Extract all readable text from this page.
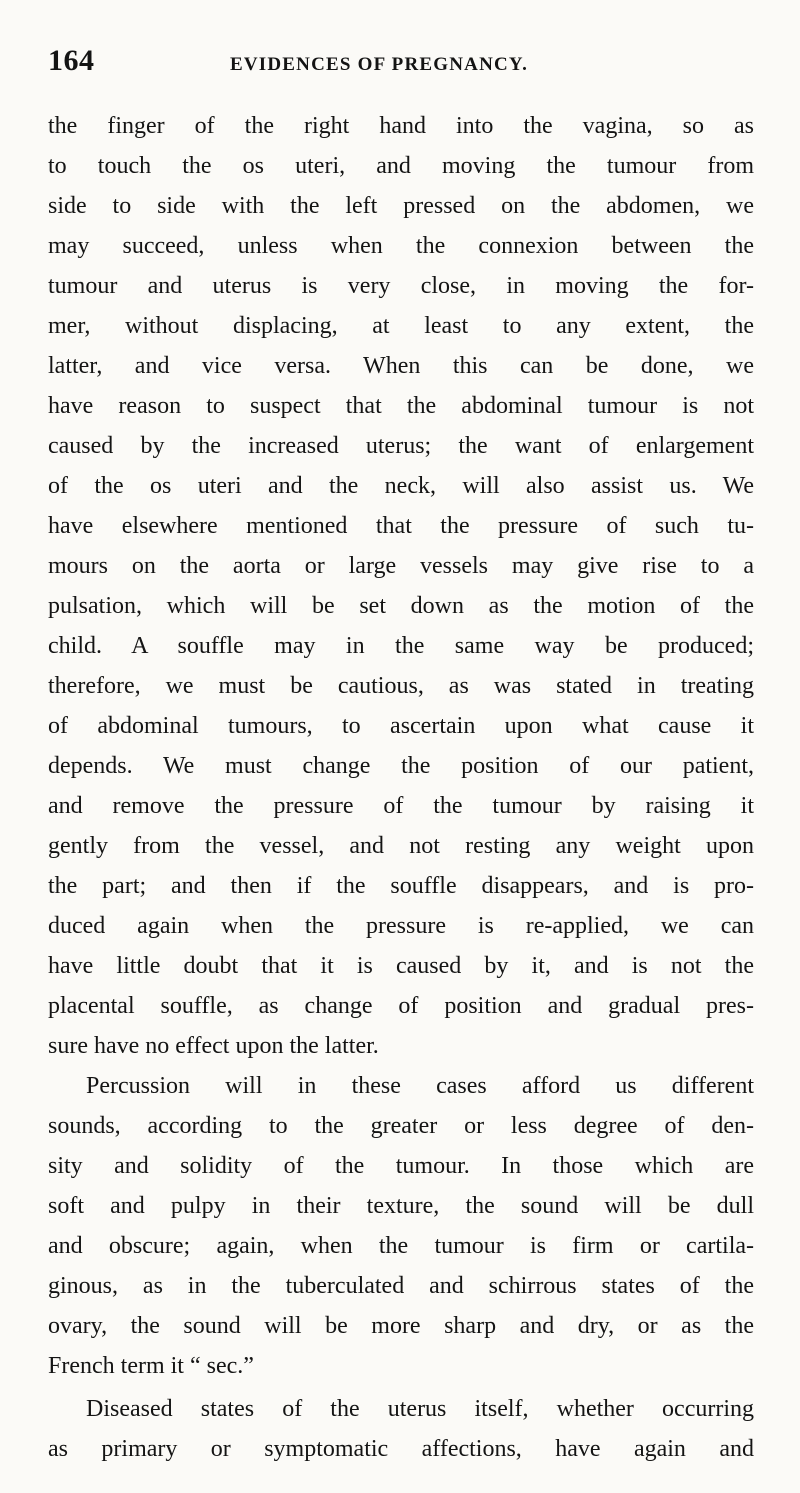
164	EVIDENCES OF PREGNANCY.
the finger of the right hand into the vagina, so as
to touch the os uteri, and moving the tumour from
side to side with the left pressed on the abdomen, we
may succeed, unless when the connexion between the
tumour and uterus is very close, in moving the for-
mer, without displacing, at least to any extent, the
latter, and vice versa. When this can be done, we
have reason to suspect that the abdominal tumour is not
caused by the increased uterus; the want of enlargement
of the os uteri and the neck, will also assist us. We
have elsewhere mentioned that the pressure of such tu-
mours on the aorta or large vessels may give rise to a
pulsation, which will be set down as the motion of the
child. A souffle may in the same way be produced;
therefore, we must be cautious, as was stated in treating
of abdominal tumours, to ascertain upon what cause it
depends. We must change the position of our patient,
and remove the pressure of the tumour by raising it
gently from the vessel, and not resting any weight upon
the part; and then if the souffle disappears, and is pro-
duced again when the pressure is re-applied, we can
have little doubt that it is caused by it, and is not the
placental souffle, as change of position and gradual pres-
sure have no effect upon the latter.
Percussion will in these cases afford us different
sounds, according to the greater or less degree of den-
sity and solidity of the tumour. In those which are
soft and pulpy in their texture, the sound will be dull
and obscure; again, when the tumour is firm or cartila-
ginous, as in the tuberculated and schirrous states of the
ovary, the sound will be more sharp and dry, or as the
French term it “ sec.”
Diseased states of the uterus itself, whether occurring
as primary or symptomatic affections, have again and
